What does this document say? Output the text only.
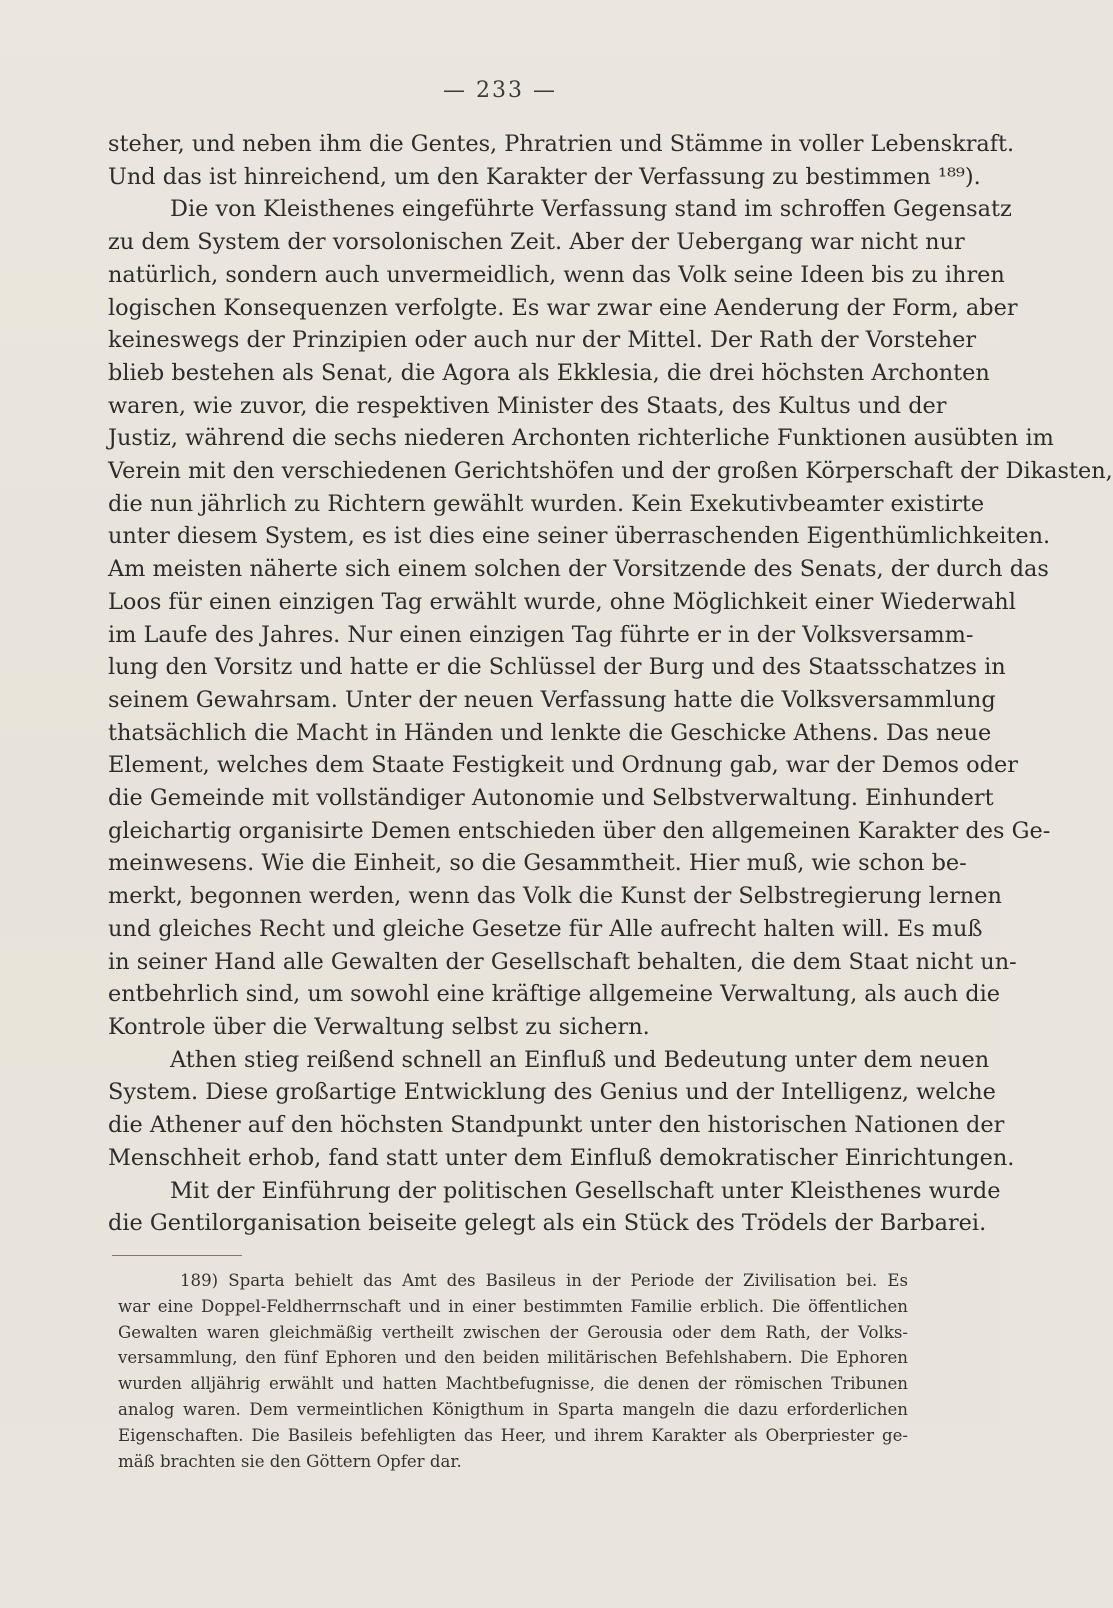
— 233 —
steher, und neben ihm die Gentes, Phratrien und Stämme in voller Lebenskraft.
Und das ist hinreichend, um den Karakter der Verfassung zu bestimmen ¹⁸⁹).
Die von Kleisthenes eingeführte Verfassung stand im schroffen Gegensatz
zu dem System der vorsolonischen Zeit. Aber der Uebergang war nicht nur
natürlich, sondern auch unvermeidlich, wenn das Volk seine Ideen bis zu ihren
logischen Konsequenzen verfolgte. Es war zwar eine Aenderung der Form, aber
keineswegs der Prinzipien oder auch nur der Mittel. Der Rath der Vorsteher
blieb bestehen als Senat, die Agora als Ekklesia, die drei höchsten Archonten
waren, wie zuvor, die respektiven Minister des Staats, des Kultus und der
Justiz, während die sechs niederen Archonten richterliche Funktionen ausübten im
Verein mit den verschiedenen Gerichtshöfen und der großen Körperschaft der Dikasten,
die nun jährlich zu Richtern gewählt wurden. Kein Exekutivbeamter existirte
unter diesem System, es ist dies eine seiner überraschenden Eigenthümlichkeiten.
Am meisten näherte sich einem solchen der Vorsitzende des Senats, der durch das
Loos für einen einzigen Tag erwählt wurde, ohne Möglichkeit einer Wiederwahl
im Laufe des Jahres. Nur einen einzigen Tag führte er in der Volksversamm-
lung den Vorsitz und hatte er die Schlüssel der Burg und des Staatsschatzes in
seinem Gewahrsam. Unter der neuen Verfassung hatte die Volksversammlung
thatsächlich die Macht in Händen und lenkte die Geschicke Athens. Das neue
Element, welches dem Staate Festigkeit und Ordnung gab, war der Demos oder
die Gemeinde mit vollständiger Autonomie und Selbstverwaltung. Einhundert
gleichartig organisirte Demen entschieden über den allgemeinen Karakter des Ge-
meinwesens. Wie die Einheit, so die Gesammtheit. Hier muß, wie schon be-
merkt, begonnen werden, wenn das Volk die Kunst der Selbstregierung lernen
und gleiches Recht und gleiche Gesetze für Alle aufrecht halten will. Es muß
in seiner Hand alle Gewalten der Gesellschaft behalten, die dem Staat nicht un-
entbehrlich sind, um sowohl eine kräftige allgemeine Verwaltung, als auch die
Kontrole über die Verwaltung selbst zu sichern.
Athen stieg reißend schnell an Einfluß und Bedeutung unter dem neuen
System. Diese großartige Entwicklung des Genius und der Intelligenz, welche
die Athener auf den höchsten Standpunkt unter den historischen Nationen der
Menschheit erhob, fand statt unter dem Einfluß demokratischer Einrichtungen.
Mit der Einführung der politischen Gesellschaft unter Kleisthenes wurde
die Gentilorganisation beiseite gelegt als ein Stück des Trödels der Barbarei.
189) Sparta behielt das Amt des Basileus in der Periode der Zivilisation bei. Es
war eine Doppel-Feldherrnschaft und in einer bestimmten Familie erblich. Die öffentlichen
Gewalten waren gleichmäßig vertheilt zwischen der Gerousia oder dem Rath, der Volks-
versammlung, den fünf Ephoren und den beiden militärischen Befehlshabern. Die Ephoren
wurden alljährig erwählt und hatten Machtbefugnisse, die denen der römischen Tribunen
analog waren. Dem vermeintlichen Königthum in Sparta mangeln die dazu erforderlichen
Eigenschaften. Die Basileis befehligten das Heer, und ihrem Karakter als Oberpriester ge-
mäß brachten sie den Göttern Opfer dar.
